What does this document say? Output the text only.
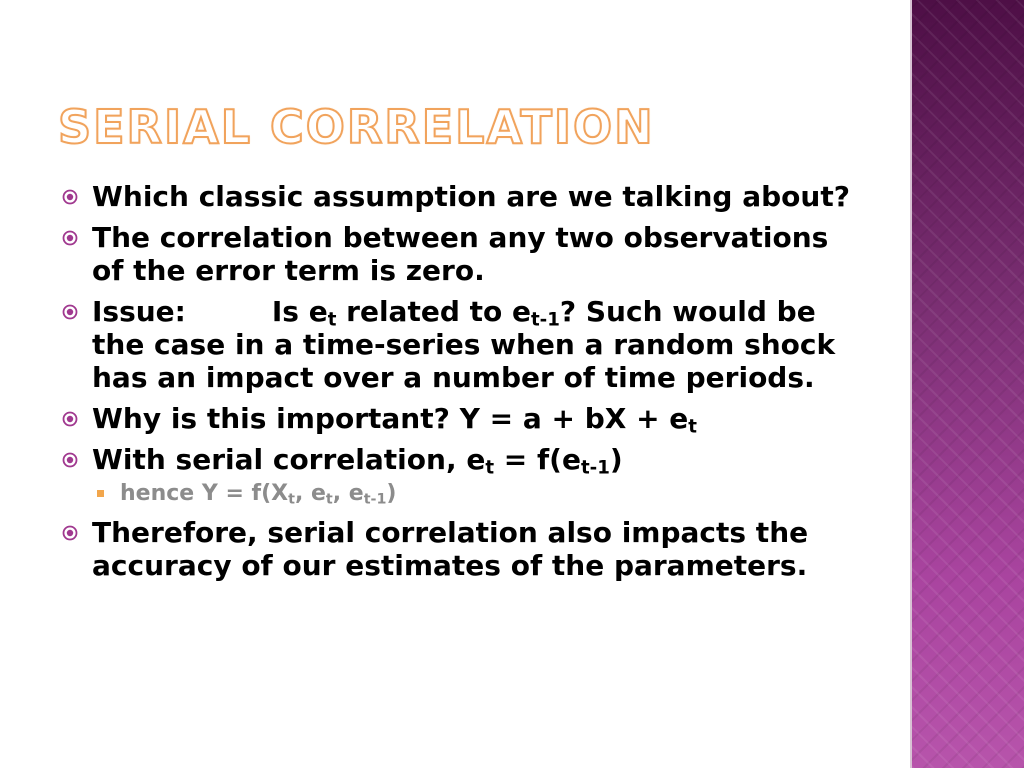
SERIAL CORRELATION
Which classic assumption are we talking about?
The correlation between any two observations of the error term is zero.
Issue:	Is $e_t$ related to $e_{t-1}$? Such would be the case in a time-series when a random shock has an impact over a number of time periods.
Why is this important? Y = a + bX + $e_t$
With serial correlation, $e_t = f(e_{t-1})$
hence $Y = f(X_t$, $e_t$, $e_{t-1}$)
Therefore, serial correlation also impacts the accuracy of our estimates of the parameters.
